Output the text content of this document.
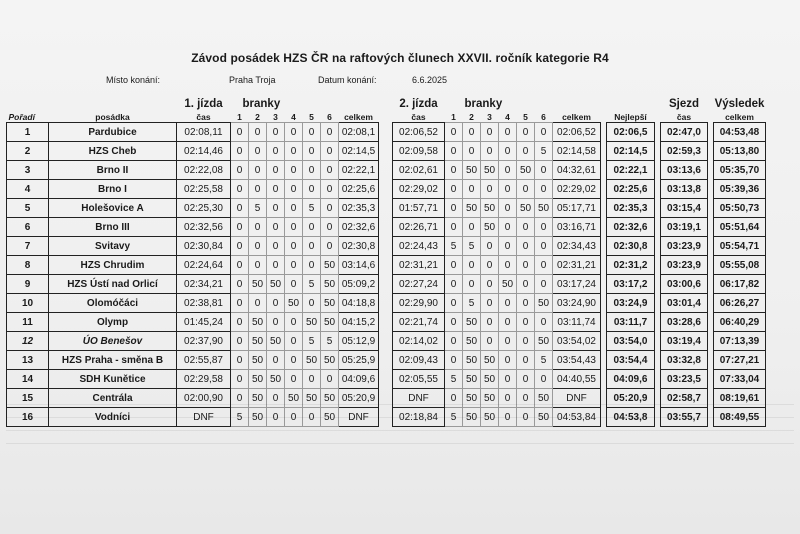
Závod posádek HZS ČR na raftových člunech XXVII. ročník kategorie R4
Místo konání:	Praha Troja	Datum konání:	6.6.2025
		1. jízda	branky								2. jízda	branky										Sjezd		Výsledek
Pořadí	posádka	čas	1	2	3	4	5	6	celkem		čas	1	2	3	4	5	6	celkem		Nejlepší		čas		celkem
1	Pardubice	02:08,11	0	0	0	0	0	0	02:08,1		02:06,52	0	0	0	0	0	0	02:06,52		02:06,5		02:47,0		04:53,48
2	HZS Cheb	02:14,46	0	0	0	0	0	0	02:14,5		02:09,58	0	0	0	0	0	5	02:14,58		02:14,5		02:59,3		05:13,80
3	Brno II	02:22,08	0	0	0	0	0	0	02:22,1		02:02,61	0	50	50	0	50	0	04:32,61		02:22,1		03:13,6		05:35,70
4	Brno I	02:25,58	0	0	0	0	0	0	02:25,6		02:29,02	0	0	0	0	0	0	02:29,02		02:25,6		03:13,8		05:39,36
5	Holešovice A	02:25,30	0	5	0	0	5	0	02:35,3		01:57,71	0	50	50	0	50	50	05:17,71		02:35,3		03:15,4		05:50,73
6	Brno III	02:32,56	0	0	0	0	0	0	02:32,6		02:26,71	0	0	50	0	0	0	03:16,71		02:32,6		03:19,1		05:51,64
7	Svitavy	02:30,84	0	0	0	0	0	0	02:30,8		02:24,43	5	5	0	0	0	0	02:34,43		02:30,8		03:23,9		05:54,71
8	HZS Chrudim	02:24,64	0	0	0	0	0	50	03:14,6		02:31,21	0	0	0	0	0	0	02:31,21		02:31,2		03:23,9		05:55,08
9	HZS Ústí nad Orlicí	02:34,21	0	50	50	0	5	50	05:09,2		02:27,24	0	0	0	50	0	0	03:17,24		03:17,2		03:00,6		06:17,82
10	Olomóčáci	02:38,81	0	0	0	50	0	50	04:18,8		02:29,90	0	5	0	0	0	50	03:24,90		03:24,9		03:01,4		06:26,27
11	Olymp	01:45,24	0	50	0	0	50	50	04:15,2		02:21,74	0	50	0	0	0	0	03:11,74		03:11,7		03:28,6		06:40,29
12	ÚO Benešov	02:37,90	0	50	50	0	5	5	05:12,9		02:14,02	0	50	0	0	0	50	03:54,02		03:54,0		03:19,4		07:13,39
13	HZS Praha - směna B	02:55,87	0	50	0	0	50	50	05:25,9		02:09,43	0	50	50	0	0	5	03:54,43		03:54,4		03:32,8		07:27,21
14	SDH Kunětice	02:29,58	0	50	50	0	0	0	04:09,6		02:05,55	5	50	50	0	0	0	04:40,55		04:09,6		03:23,5		07:33,04
15	Centrála	02:00,90	0	50	0	50	50	50	05:20,9		DNF	0	50	50	0	0	50	DNF		05:20,9		02:58,7		08:19,61
16	Vodníci	DNF	5	50	0	0	0	50	DNF		02:18,84	5	50	50	0	0	50	04:53,84		04:53,8		03:55,7		08:49,55
